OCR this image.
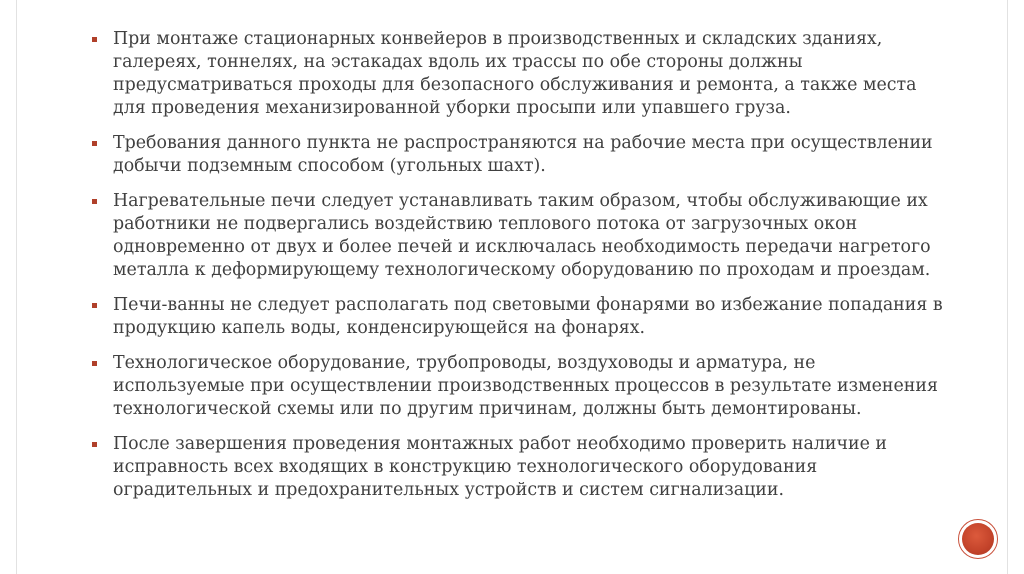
При монтаже стационарных конвейеров в производственных и складских зданиях, галереях, тоннелях, на эстакадах вдоль их трассы по обе стороны должны предусматриваться проходы для безопасного обслуживания и ремонта, а также места для проведения механизированной уборки просыпи или упавшего груза.
Требования данного пункта не распространяются на рабочие места при осуществлении добычи подземным способом (угольных шахт).
Нагревательные печи следует устанавливать таким образом, чтобы обслуживающие их работники не подвергались воздействию теплового потока от загрузочных окон одновременно от двух и более печей и исключалась необходимость передачи нагретого металла к деформирующему технологическому оборудованию по проходам и проездам.
Печи-ванны не следует располагать под световыми фонарями во избежание попадания в продукцию капель воды, конденсирующейся на фонарях.
Технологическое оборудование, трубопроводы, воздуховоды и арматура, не используемые при осуществлении производственных процессов в результате изменения технологической схемы или по другим причинам, должны быть демонтированы.
После завершения проведения монтажных работ необходимо проверить наличие и исправность всех входящих в конструкцию технологического оборудования оградительных и предохранительных устройств и систем сигнализации.
